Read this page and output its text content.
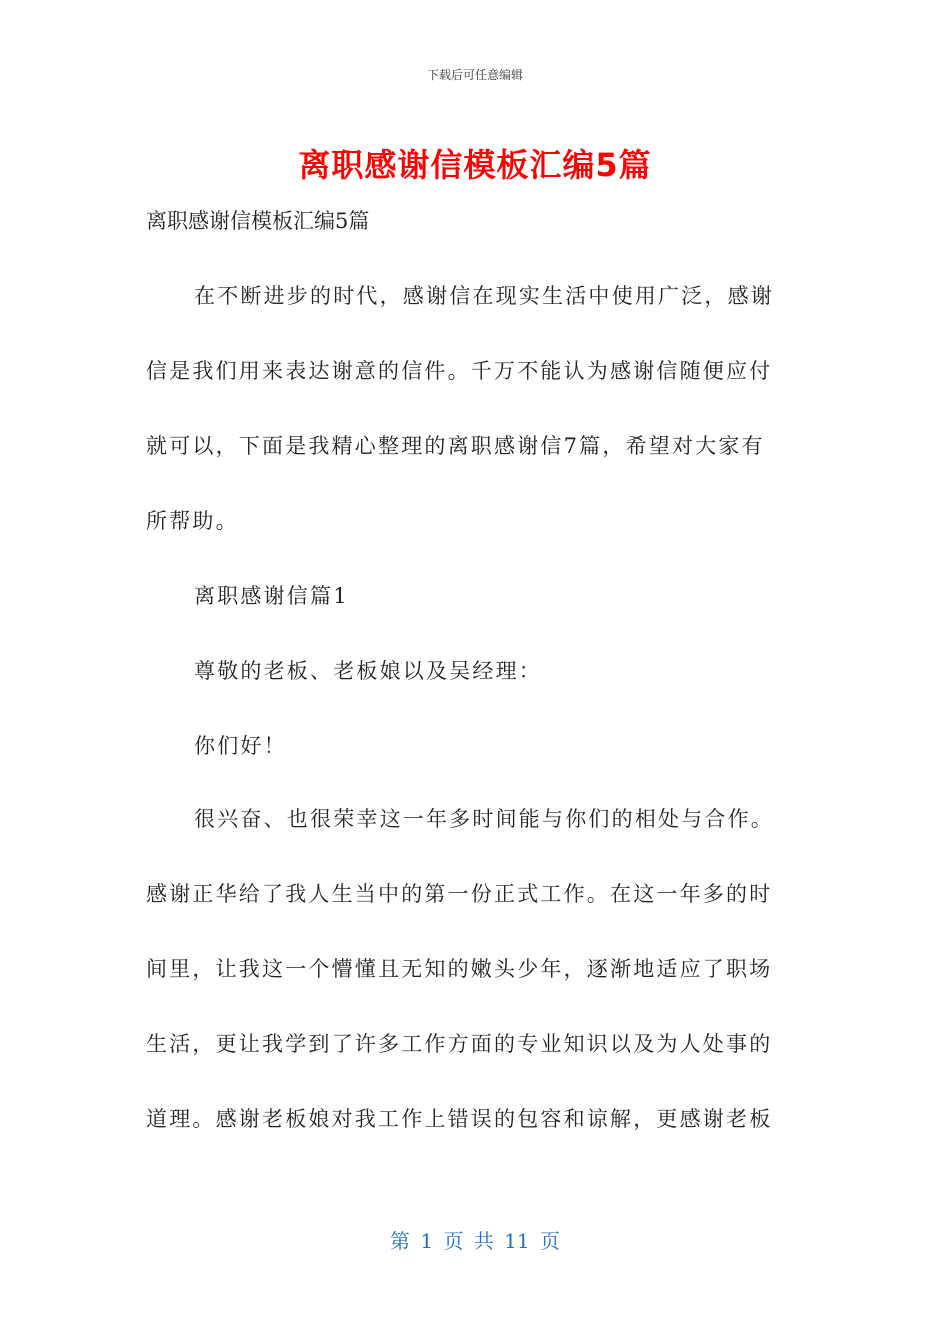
下载后可任意编辑
离职感谢信模板汇编5篇
离职感谢信模板汇编5篇
在不断进步的时代，感谢信在现实生活中使用广泛，感谢
信是我们用来表达谢意的信件。千万不能认为感谢信随便应付
就可以，下面是我精心整理的离职感谢信7篇，希望对大家有
所帮助。
离职感谢信篇1
尊敬的老板、老板娘以及吴经理：
你们好！
很兴奋、也很荣幸这一年多时间能与你们的相处与合作。
感谢正华给了我人生当中的第一份正式工作。在这一年多的时
间里，让我这一个懵懂且无知的嫩头少年，逐渐地适应了职场
生活，更让我学到了许多工作方面的专业知识以及为人处事的
道理。感谢老板娘对我工作上错误的包容和谅解，更感谢老板
第 1 页 共 11 页
